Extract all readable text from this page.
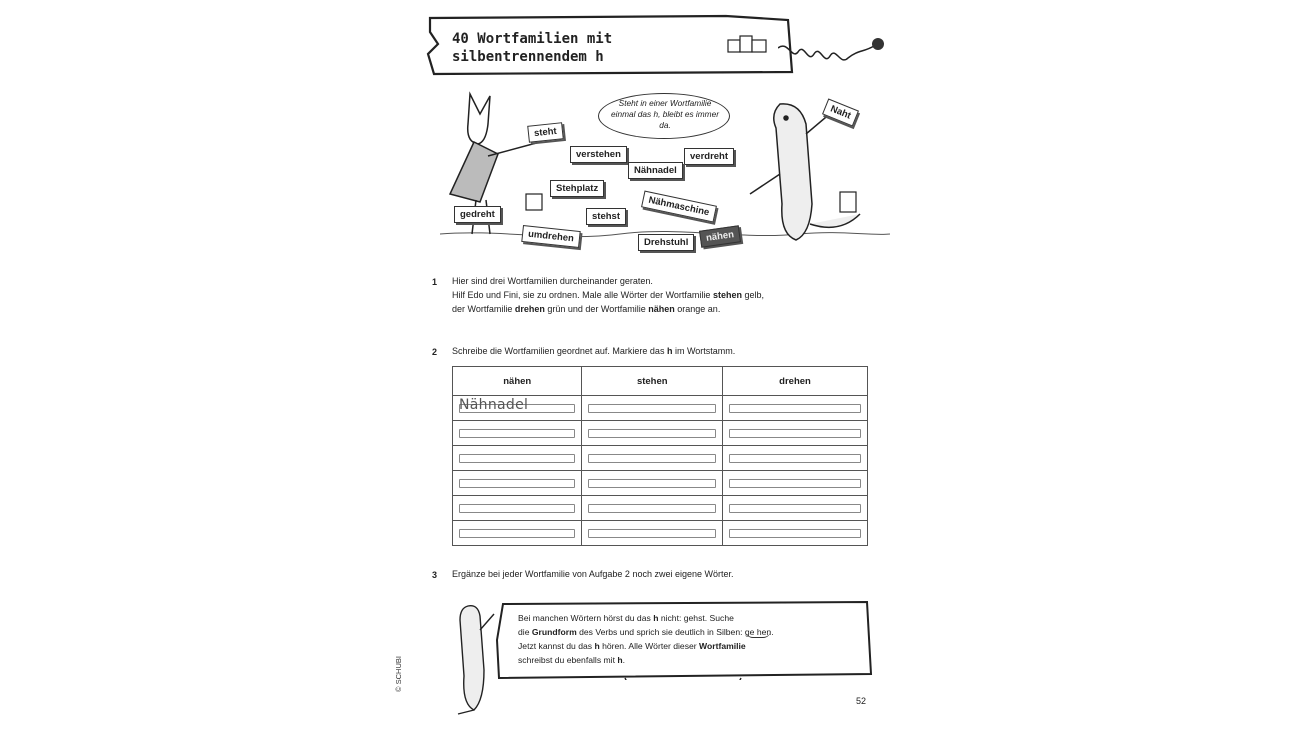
40 Wortfamilien mit
silbentrennendem h
Steht in einer Wortfamilie einmal das h, bleibt es immer da.
steht
verstehen	verdreht
Naht
Nähnadel
Stehplatz
Nähmaschine
gedreht	stehst
umdrehen	Drehstuhl	nähen
1 Hier sind drei Wortfamilien durcheinander geraten.
Hilf Edo und Fini, sie zu ordnen. Male alle Wörter der Wortfamilie stehen gelb,
der Wortfamilie drehen grün und der Wortfamilie nähen orange an.
2 Schreibe die Wortfamilien geordnet auf. Markiere das h im Wortstamm.
nähen	stehen	drehen

Nähnadel		

3 Ergänze bei jeder Wortfamilie von Aufgabe 2 noch zwei eigene Wörter.
Bei manchen Wörtern hörst du das h nicht: gehst. Suche
die Grundform des Verbs und sprich sie deutlich in Silben: ge hen.
Jetzt kannst du das h hören. Alle Wörter dieser Wortfamilie
schreibst du ebenfalls mit h.
© SCHUBI
52
